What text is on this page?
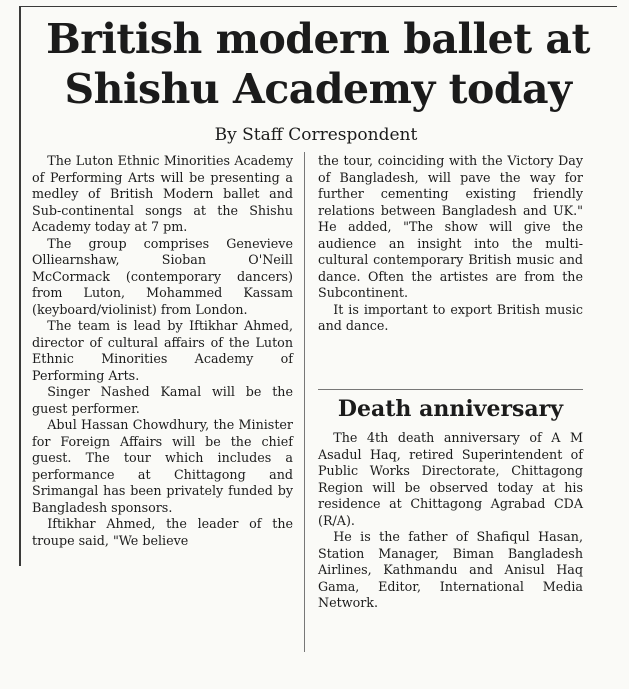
British modern ballet at Shishu Academy today

By Staff Correspondent

The Luton Ethnic Minorities Academy of Performing Arts will be presenting a medley of British Modern ballet and Sub-continental songs at the Shishu Academy today at 7 pm.

The group comprises Genevieve Olliearnshaw, Sioban O'Neill McCormack (contemporary dancers) from Luton, Mohammed Kassam (keyboard/violinist) from London.

The team is lead by Iftikhar Ahmed, director of cultural affairs of the Luton Ethnic Minorities Academy of Performing Arts.

Singer Nashed Kamal will be the guest performer.

Abul Hassan Chowdhury, the Minister for Foreign Affairs will be the chief guest. The tour which includes a performance at Chittagong and Srimangal has been privately funded by Bangladesh sponsors.

Iftikhar Ahmed, the leader of the troupe said, "We believe

the tour, coinciding with the Victory Day of Bangladesh, will pave the way for further cementing existing friendly relations between Bangladesh and UK." He added, "The show will give the audience an insight into the multi-cultural contemporary British music and dance. Often the artistes are from the Subcontinent.

It is important to export British music and dance.

Death anniversary

The 4th death anniversary of A M Asadul Haq, retired Superintendent of Public Works Directorate, Chittagong Region will be observed today at his residence at Chittagong Agrabad CDA (R/A).

He is the father of Shafiqul Hasan, Station Manager, Biman Bangladesh Airlines, Kathmandu and Anisul Haq Gama, Editor, International Media Network.
